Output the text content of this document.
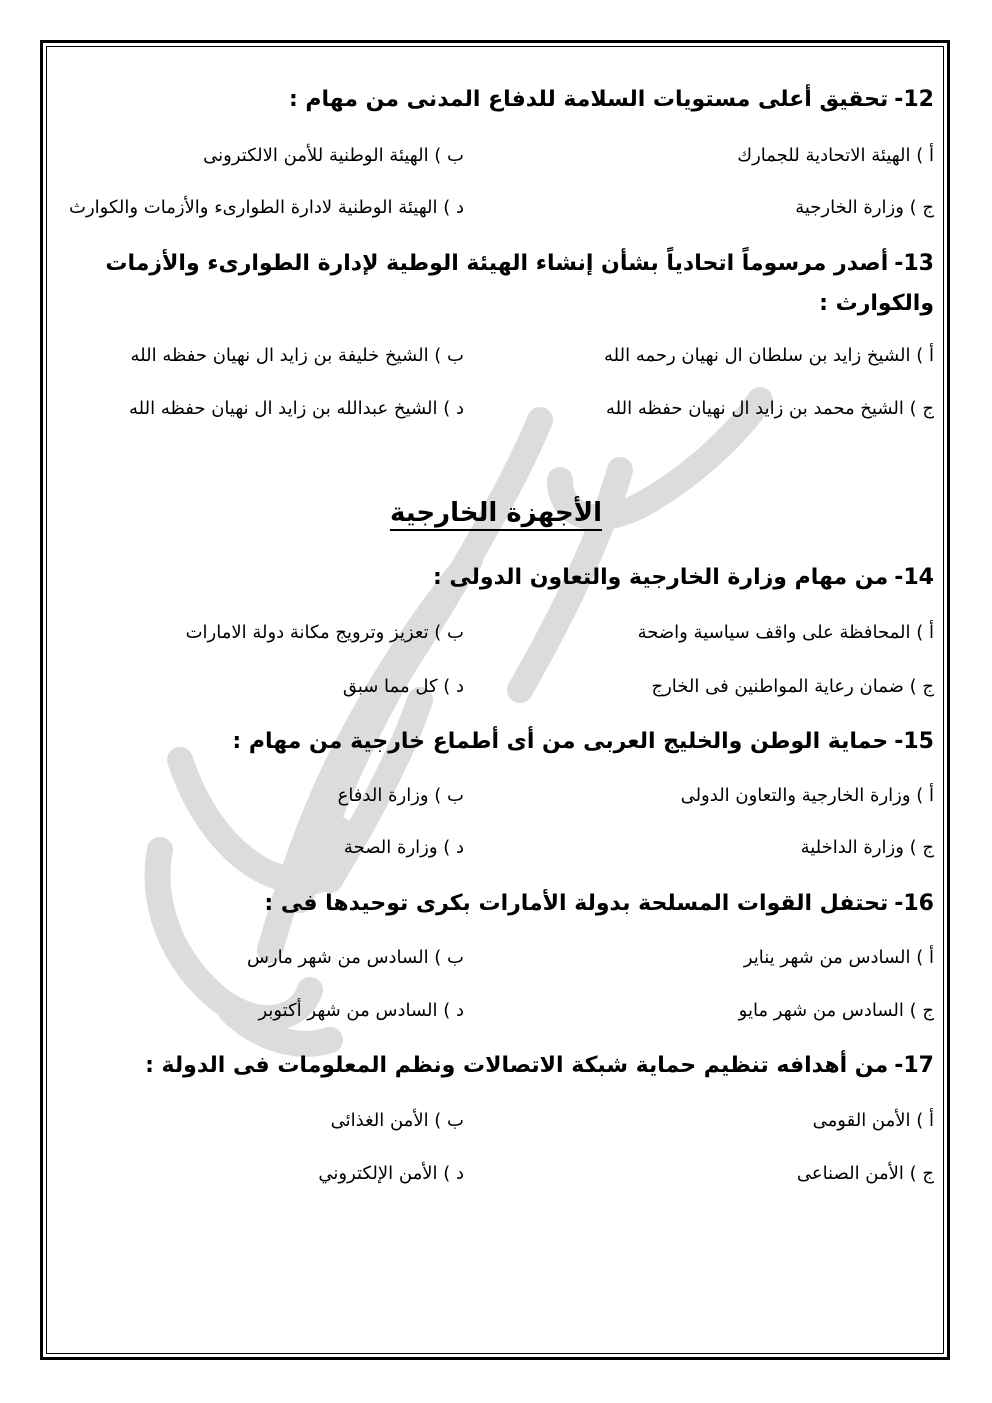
12-تحقيق أعلى مستويات السلامة للدفاع المدنى من مهام :
أ ) الهيئة الاتحادية للجمارك
ب ) الهيئة الوطنية للأمن الالكترونى
ج ) وزارة الخارجية
د ) الهيئة الوطنية لادارة الطوارىء والأزمات والكوارث
13-أصدر مرسوماً اتحادياً بشأن إنشاء الهيئة الوطية لإدارة الطوارىء والأزمات
والكوارث :
أ ) الشيخ زايد بن سلطان ال نهيان رحمه الله
ب ) الشيخ خليفة بن زايد ال نهيان حفظه الله
ج ) الشيخ محمد بن زايد ال نهيان حفظه الله
د ) الشيخ عبدالله بن زايد ال نهيان حفظه الله
الأجهزة الخارجية
14-من مهام وزارة الخارجية والتعاون الدولى :
أ ) المحافظة على واقف سياسية واضحة
ب ) تعزيز وترويج مكانة دولة الامارات
ج ) ضمان رعاية المواطنين فى الخارج
د ) كل مما سبق
15-حماية الوطن والخليج العربى من أى أطماع خارجية من مهام :
أ ) وزارة الخارجية والتعاون الدولى
ب ) وزارة الدفاع
ج ) وزارة الداخلية
د ) وزارة الصحة
16-تحتفل القوات المسلحة بدولة الأمارات بكرى توحيدها فى :
أ ) السادس من شهر يناير
ب ) السادس من شهر مارس
ج ) السادس من شهر مايو
د ) السادس من شهر أكتوبر
17-من أهدافه تنظيم حماية شبكة الاتصالات ونظم المعلومات فى الدولة :
أ ) الأمن القومى
ب ) الأمن الغذائى
ج ) الأمن الصناعى
د ) الأمن الإلكتروني
